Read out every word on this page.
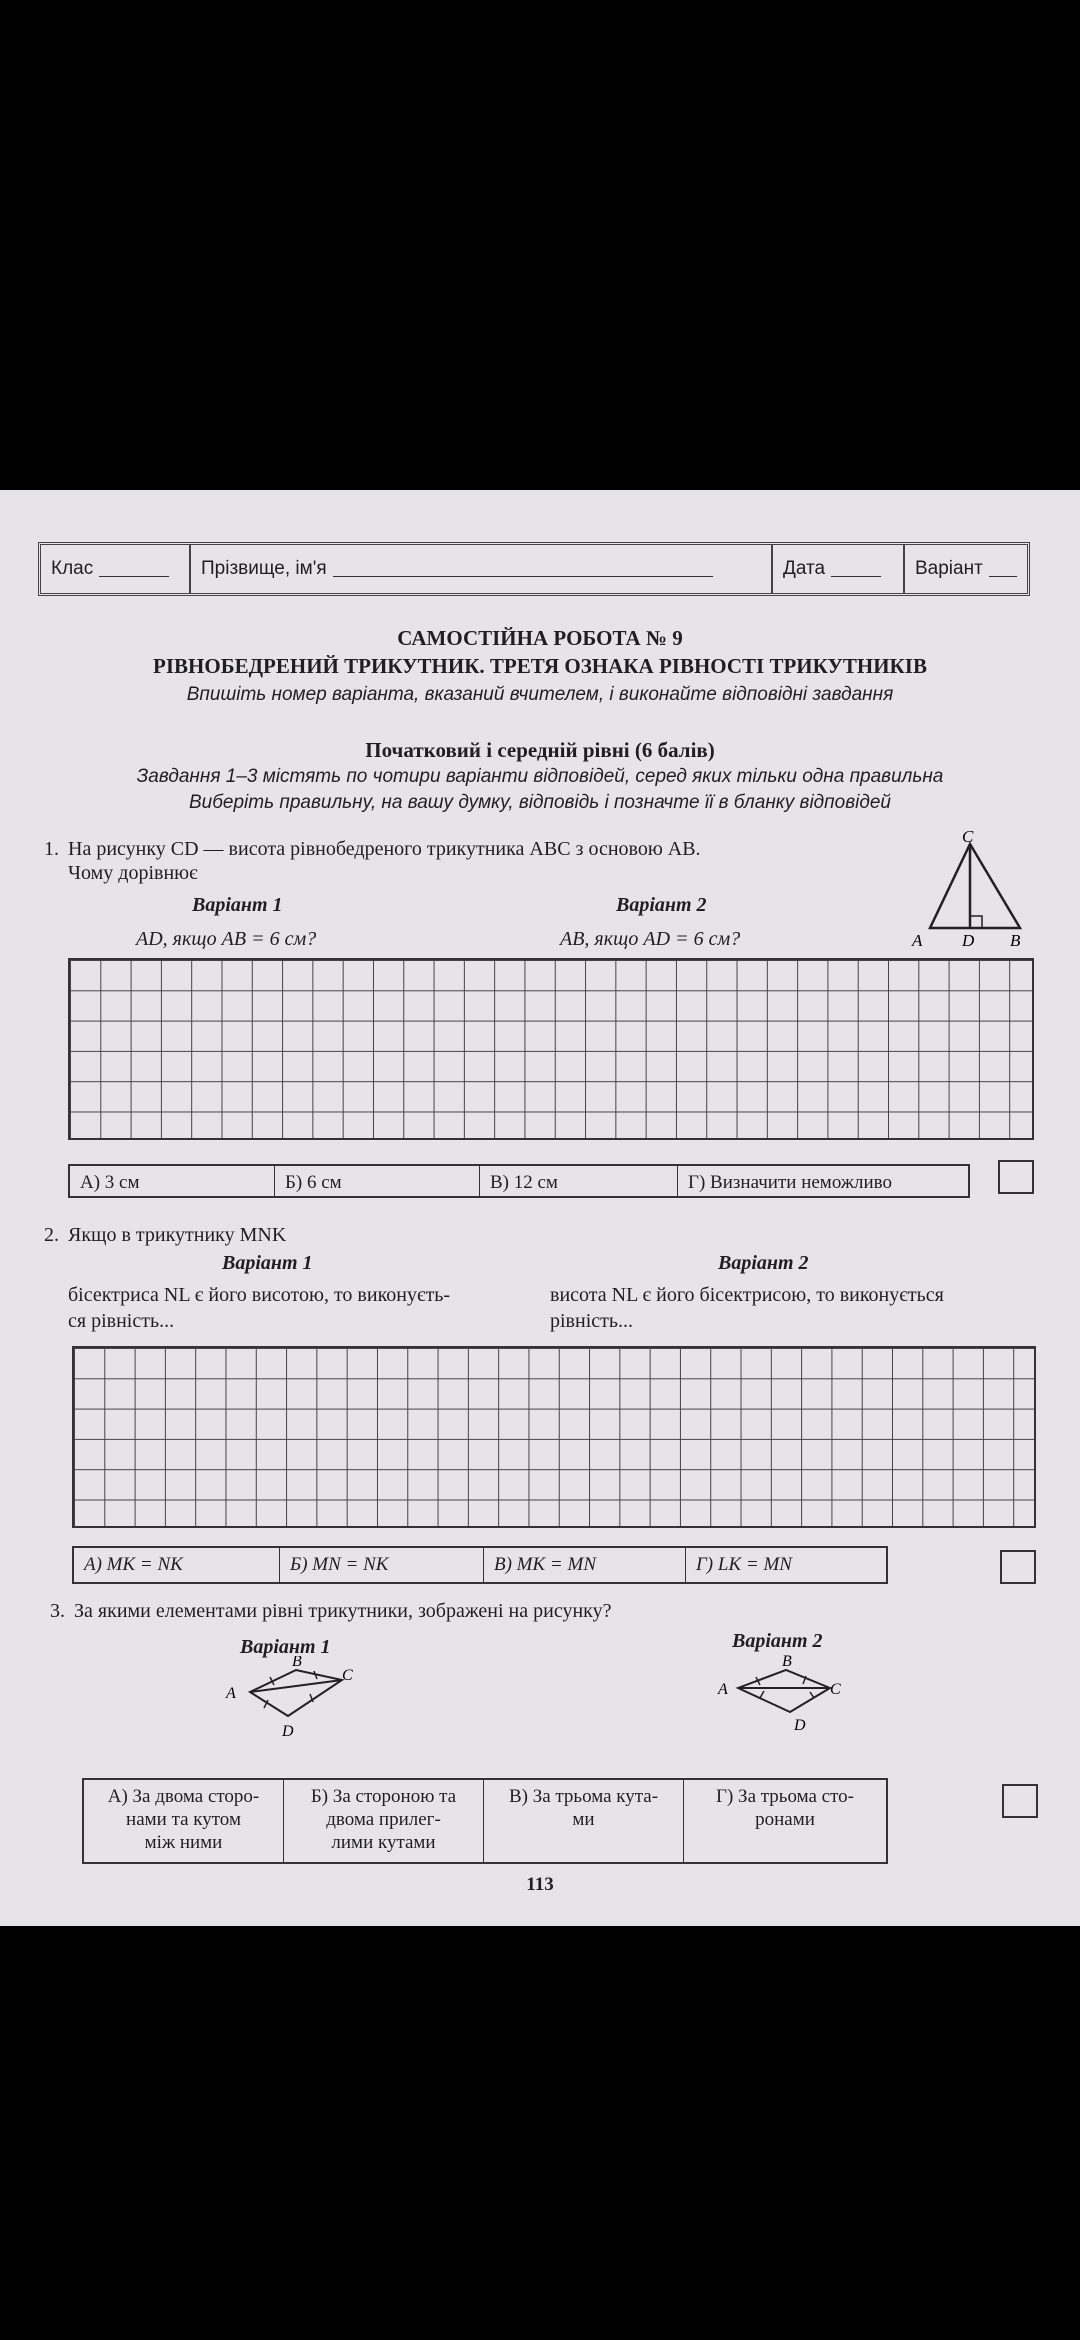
Клас	Прізвище, ім'я	Дата	Варіант
САМОСТІЙНА РОБОТА № 9
РІВНОБЕДРЕНИЙ ТРИКУТНИК. ТРЕТЯ ОЗНАКА РІВНОСТІ ТРИКУТНИКІВ
Впишіть номер варіанта, вказаний вчителем, і виконайте відповідні завдання
Початковий і середній рівні (6 балів)
Завдання 1–3 містять по чотири варіанти відповідей, серед яких тільки одна правильна
Виберіть правильну, на вашу думку, відповідь і позначте її в бланку відповідей
1. На рисунку CD — висота рівнобедреного трикутника ABC з основою AB.
Чому дорівнює
Варіант 1
AD, якщо AB = 6 см?
Варіант 2
AB, якщо AD = 6 см?
C
A D B
А) 3 см	Б) 6 см	В) 12 см	Г) Визначити неможливо
2. Якщо в трикутнику MNK
Варіант 1
бісектриса NL є його висотою, то виконуєть-
ся рівність...
Варіант 2
висота NL є його бісектрисою, то виконується
рівність...
А) MK = NK	Б) MN = NK	В) MK = MN	Г) LK = MN
3. За якими елементами рівні трикутники, зображені на рисунку?
Варіант 1	Варіант 2
B
A
C
D
B
A	C
D
А) За двома сторо-
нами та кутом
між ними
Б) За стороною та
двома прилег-
лими кутами
В) За трьома кута-
ми
Г) За трьома сто-
ронами
113
